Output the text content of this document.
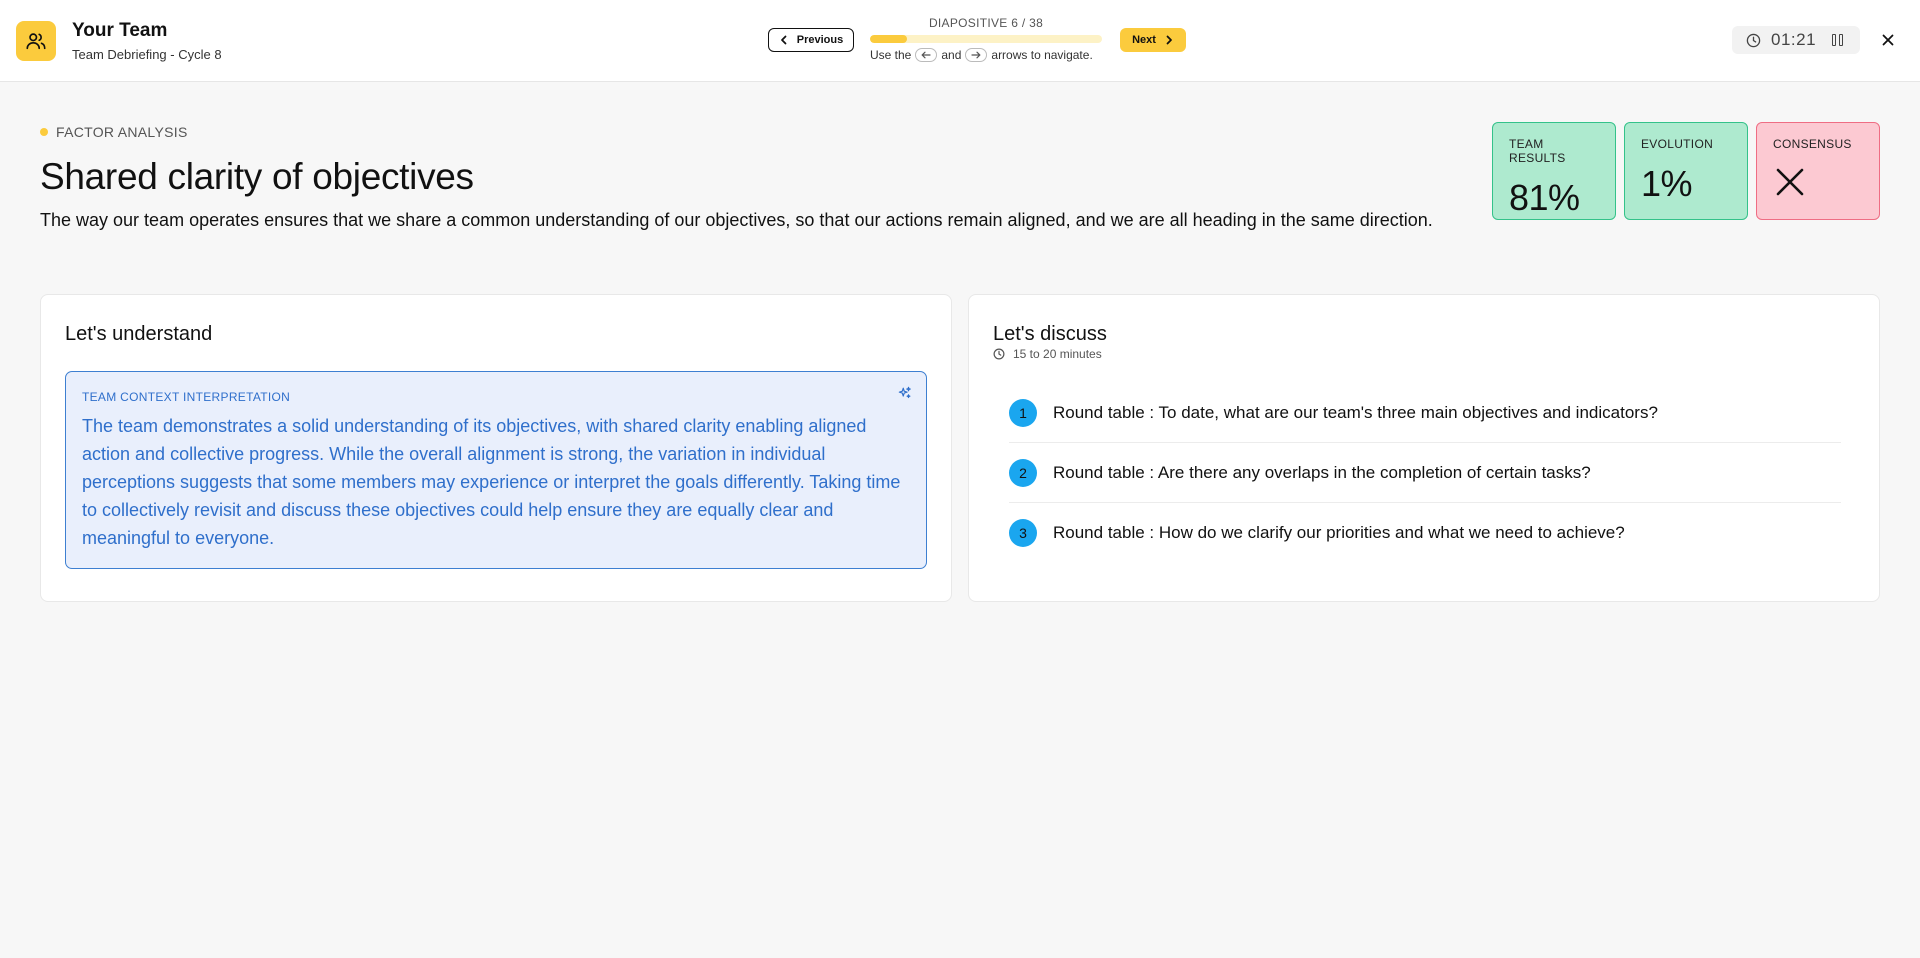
Your Team
Team Debriefing - Cycle 8
Previous
DIAPOSITIVE 6 / 38
Use the	and	arrows to navigate.
Next	01:21
FACTOR ANALYSIS
Shared clarity of objectives

The way our team operates ensures that we share a common understanding of our objectives, so that our actions remain aligned, and we are all heading in the same direction.

TEAM RESULTS
81%
EVOLUTION
1%
CONSENSUS
Let's understand
TEAM CONTEXT INTERPRETATION
The team demonstrates a solid understanding of its objectives, with shared clarity enabling aligned action and collective progress. While the overall alignment is strong, the variation in individual perceptions suggests that some members may experience or interpret the goals differently. Taking time to collectively revisit and discuss these objectives could help ensure they are equally clear and meaningful to everyone.
Let's discuss
15 to 20 minutes
1	Round table : To date, what are our team's three main objectives and indicators?
2	Round table : Are there any overlaps in the completion of certain tasks?
3	Round table : How do we clarify our priorities and what we need to achieve?
